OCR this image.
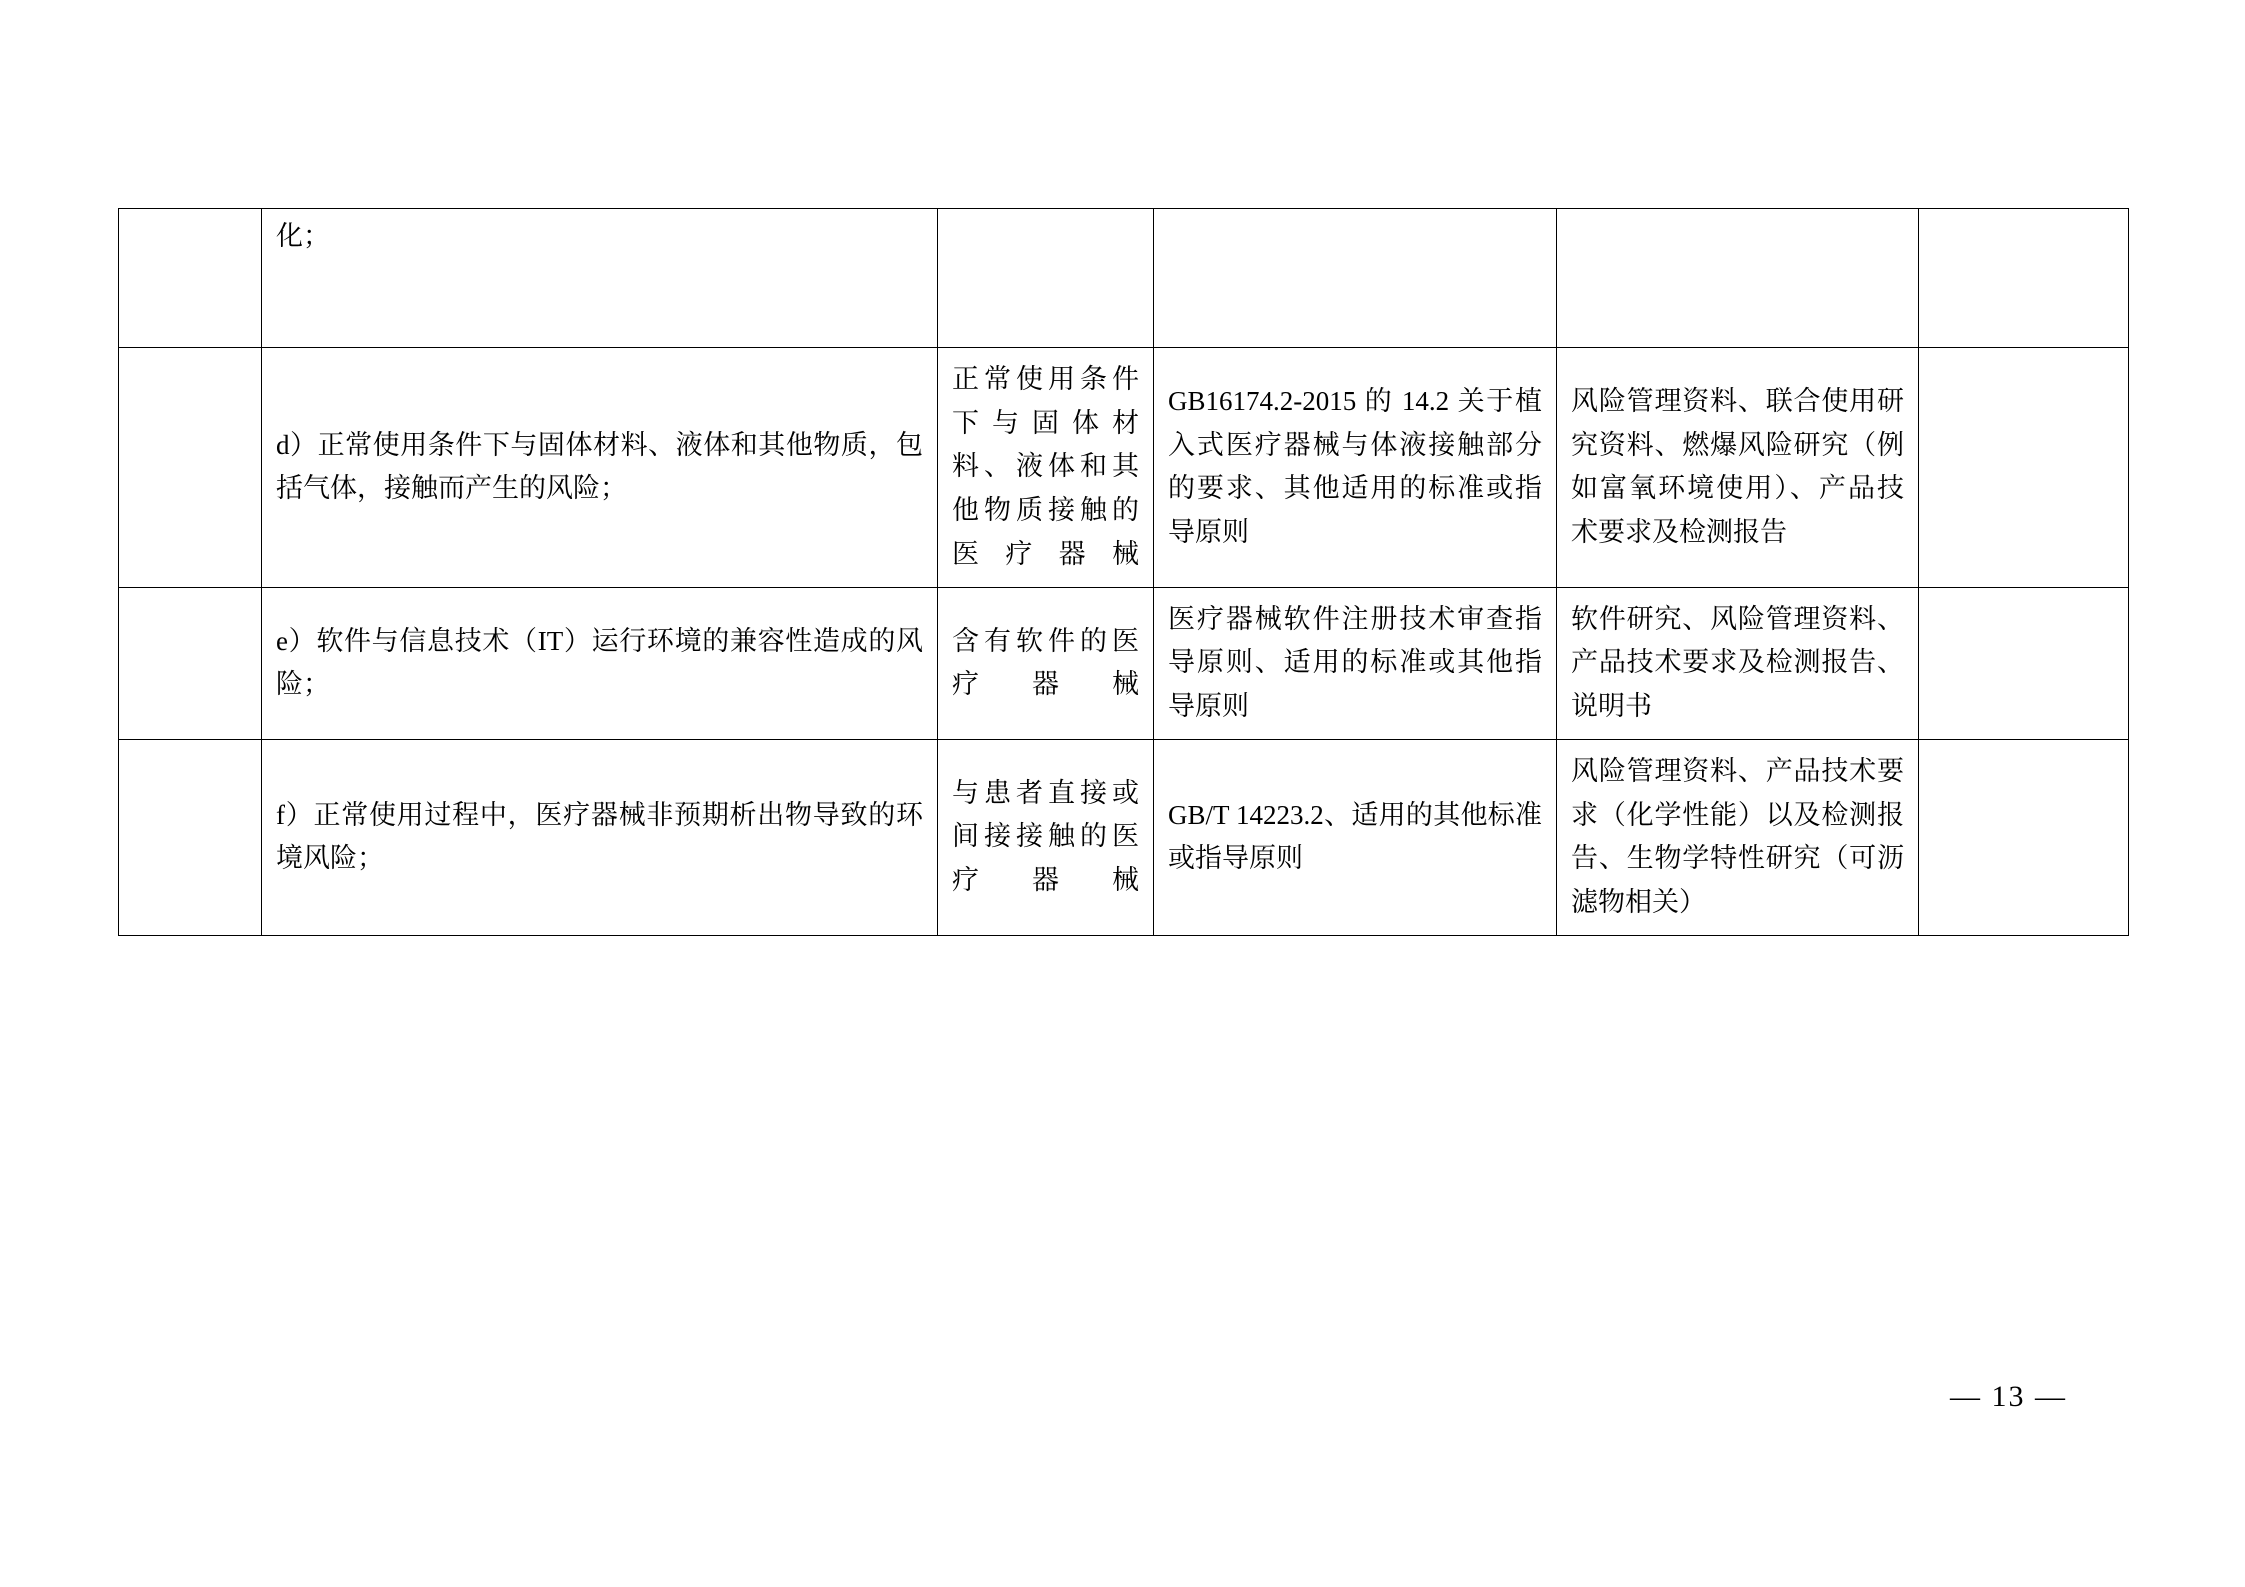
	化；				
	d）正常使用条件下与固体材料、液体和其他物质，包括气体，接触而产生的风险；	正常使用条件下与固体材料、液体和其他物质接触的医疗器械	GB16174.2-2015 的 14.2 关于植入式医疗器械与体液接触部分的要求、其他适用的标准或指导原则	风险管理资料、联合使用研究资料、燃爆风险研究（例如富氧环境使用）、产品技术要求及检测报告	
	e）软件与信息技术（IT）运行环境的兼容性造成的风险；	含有软件的医疗器械	医疗器械软件注册技术审查指导原则、适用的标准或其他指导原则	软件研究、风险管理资料、产品技术要求及检测报告、说明书	
	f）正常使用过程中，医疗器械非预期析出物导致的环境风险；	与患者直接或间接接触的医疗器械	GB/T 14223.2、适用的其他标准或指导原则	风险管理资料、产品技术要求（化学性能）以及检测报告、生物学特性研究（可沥滤物相关）	
— 13 —
